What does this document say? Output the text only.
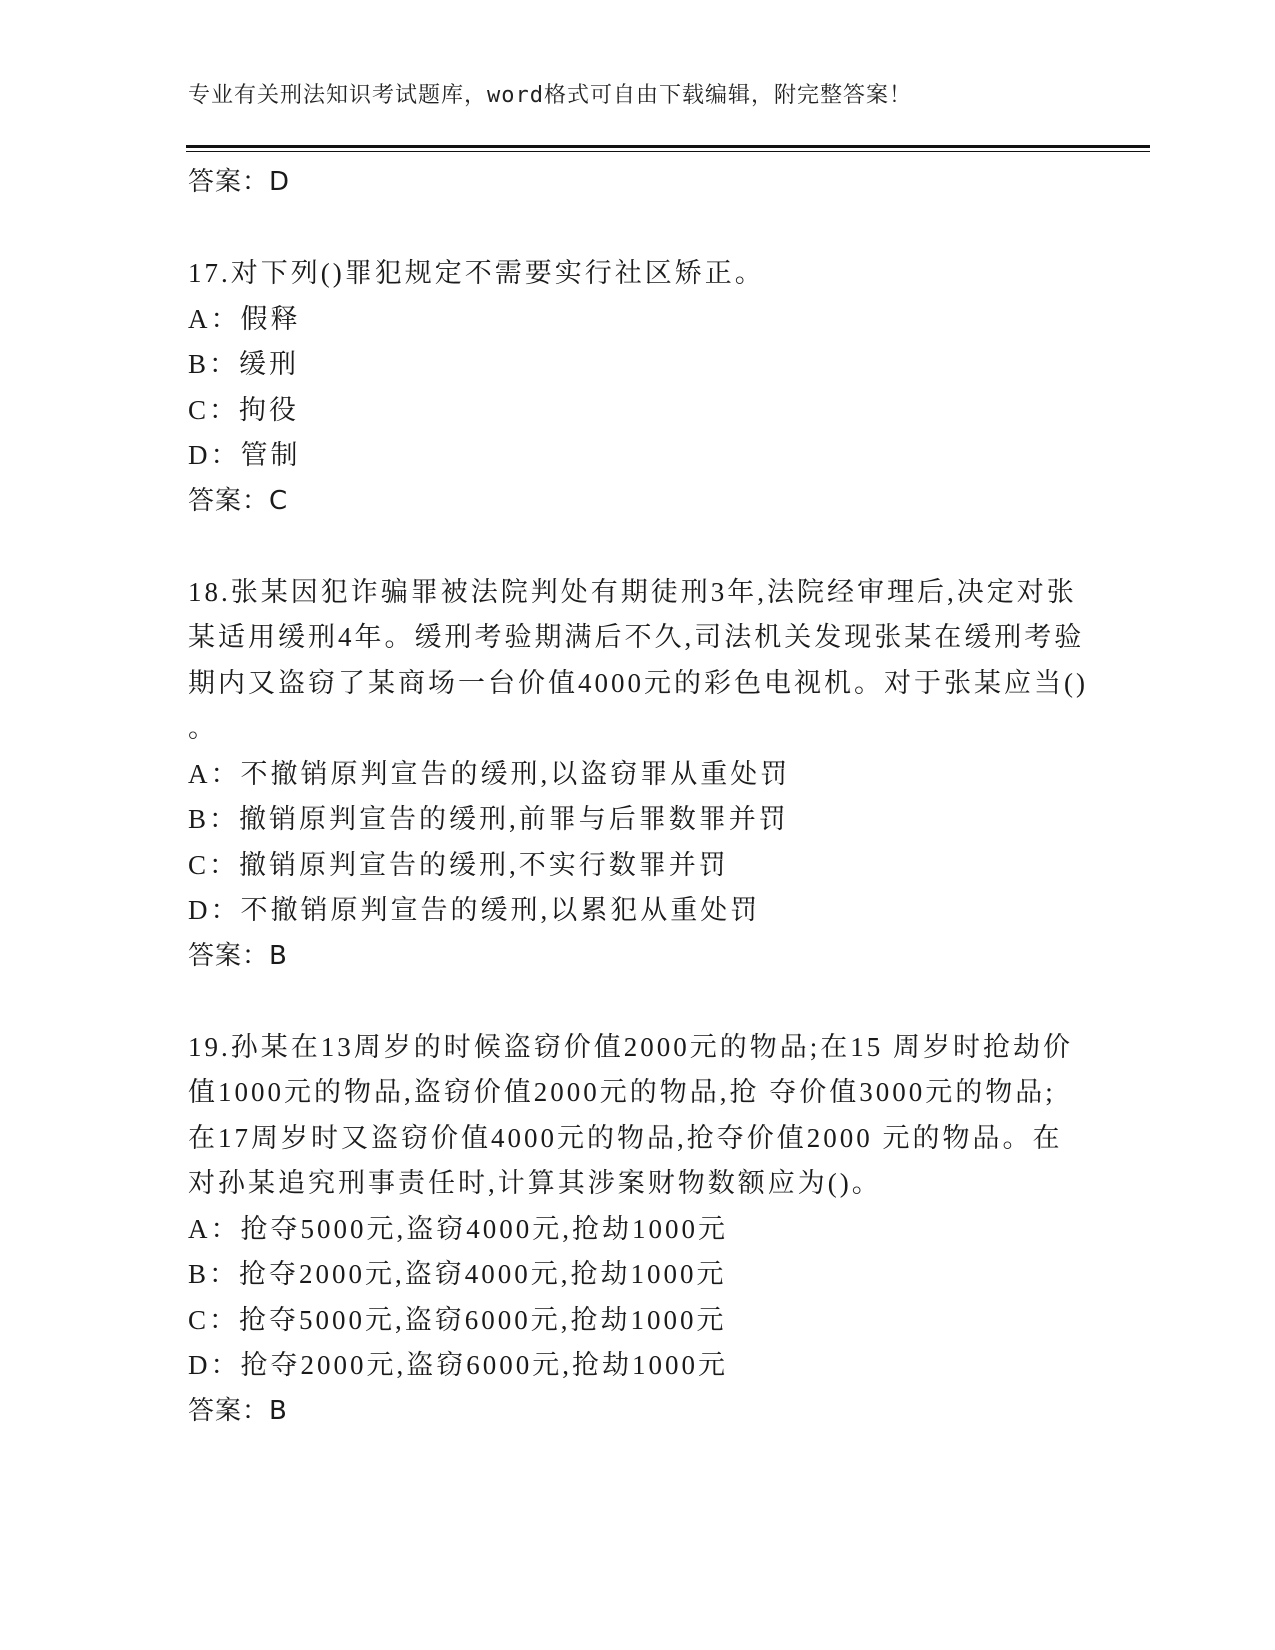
专业有关刑法知识考试题库，word格式可自由下载编辑，附完整答案！
答案：D
17.对下列()罪犯规定不需要实行社区矫正。
A：假释
B：缓刑
C：拘役
D：管制
答案：C
18.张某因犯诈骗罪被法院判处有期徒刑3年,法院经审理后,决定对张
某适用缓刑4年。缓刑考验期满后不久,司法机关发现张某在缓刑考验
期内又盗窃了某商场一台价值4000元的彩色电视机。对于张某应当()
。
A：不撤销原判宣告的缓刑,以盗窃罪从重处罚
B：撤销原判宣告的缓刑,前罪与后罪数罪并罚
C：撤销原判宣告的缓刑,不实行数罪并罚
D：不撤销原判宣告的缓刑,以累犯从重处罚
答案：B
19.孙某在13周岁的时候盗窃价值2000元的物品;在15 周岁时抢劫价
值1000元的物品,盗窃价值2000元的物品,抢 夺价值3000元的物品;
在17周岁时又盗窃价值4000元的物品,抢夺价值2000 元的物品。在
对孙某追究刑事责任时,计算其涉案财物数额应为()。
A：抢夺5000元,盗窃4000元,抢劫1000元
B：抢夺2000元,盗窃4000元,抢劫1000元
C：抢夺5000元,盗窃6000元,抢劫1000元
D：抢夺2000元,盗窃6000元,抢劫1000元
答案：B
